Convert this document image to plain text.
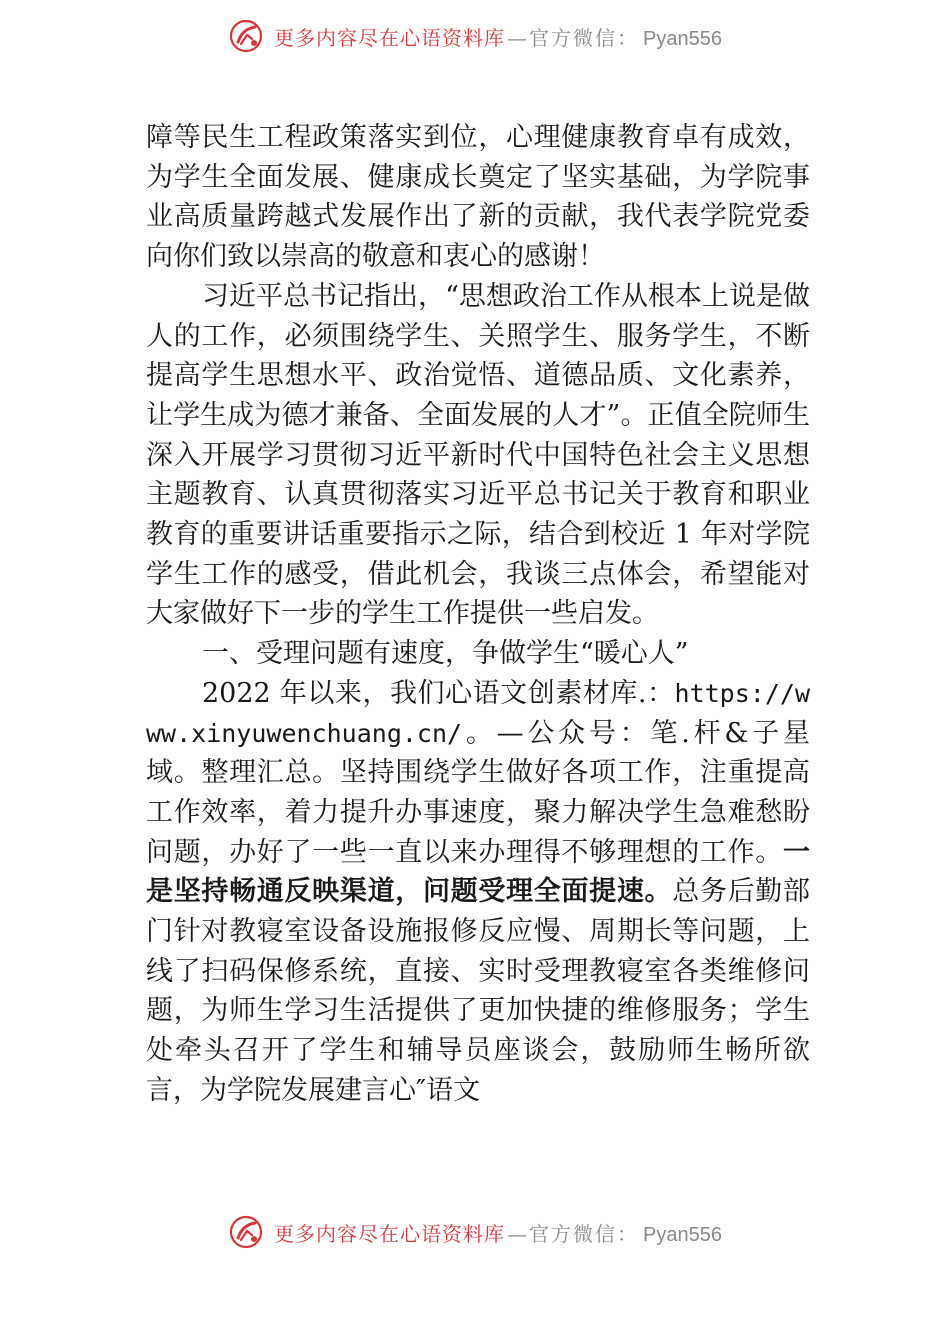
更多内容尽在心语资料库 — 官方微信： Pyan556

障等民生工程政策落实到位，心理健康教育卓有成效，为学生全面发展、健康成长奠定了坚实基础，为学院事业高质量跨越式发展作出了新的贡献，我代表学院党委向你们致以崇高的敬意和衷心的感谢！

习近平总书记指出，“思想政治工作从根本上说是做人的工作，必须围绕学生、关照学生、服务学生，不断提高学生思想水平、政治觉悟、道德品质、文化素养，让学生成为德才兼备、全面发展的人才”。正值全院师生深入开展学习贯彻习近平新时代中国特色社会主义思想主题教育、认真贯彻落实习近平总书记关于教育和职业教育的重要讲话重要指示之际，结合到校近 1 年对学院学生工作的感受，借此机会，我谈三点体会，希望能对大家做好下一步的学生工作提供一些启发。

一、受理问题有速度，争做学生“暖心人”

2022 年以来，我们心语文创素材库.：https://www.xinyuwenchuang.cn/。—公众号：笔.杆&子星域。整理汇总。坚持围绕学生做好各项工作，注重提高工作效率，着力提升办事速度，聚力解决学生急难愁盼问题，办好了一些一直以来办理得不够理想的工作。一是坚持畅通反映渠道，问题受理全面提速。总务后勤部门针对教寝室设备设施报修反应慢、周期长等问题，上线了扫码保修系统，直接、实时受理教寝室各类维修问题，为师生学习生活提供了更加快捷的维修服务；学生处牵头召开了学生和辅导员座谈会，鼓励师生畅所欲言，为学院发展建言心″语文

更多内容尽在心语资料库 — 官方微信： Pyan556
